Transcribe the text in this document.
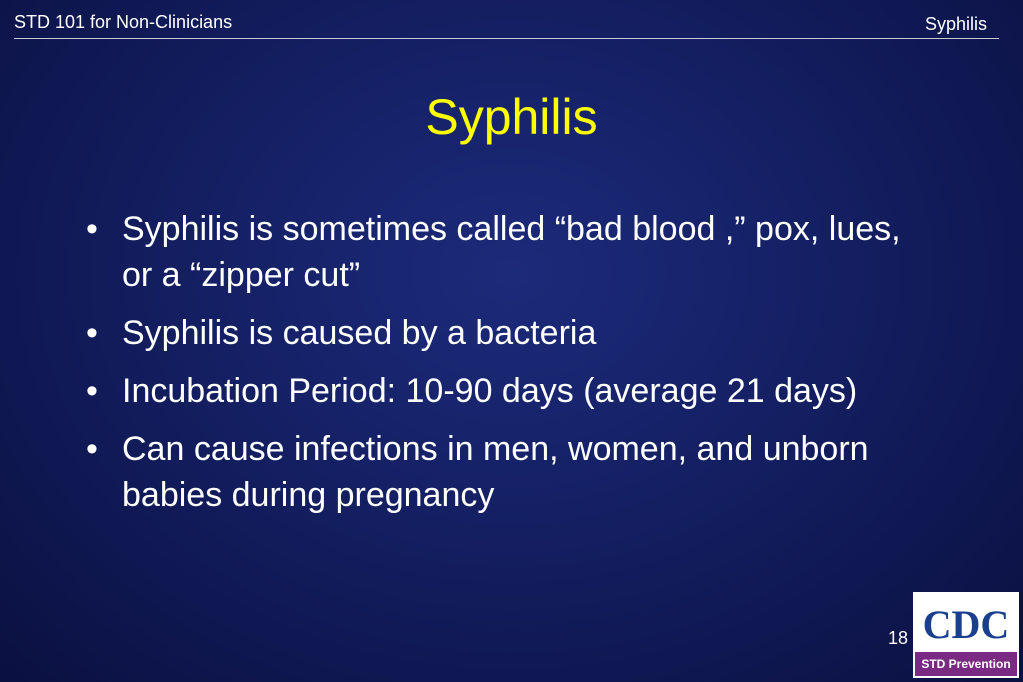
STD 101 for Non-Clinicians	Syphilis
Syphilis
• Syphilis is sometimes called “bad blood ,” pox, lues, or a “zipper cut”
• Syphilis is caused by a bacteria
• Incubation Period: 10-90 days (average 21 days)
• Can cause infections in men, women, and unborn babies during pregnancy
18 CDC
STD Prevention
